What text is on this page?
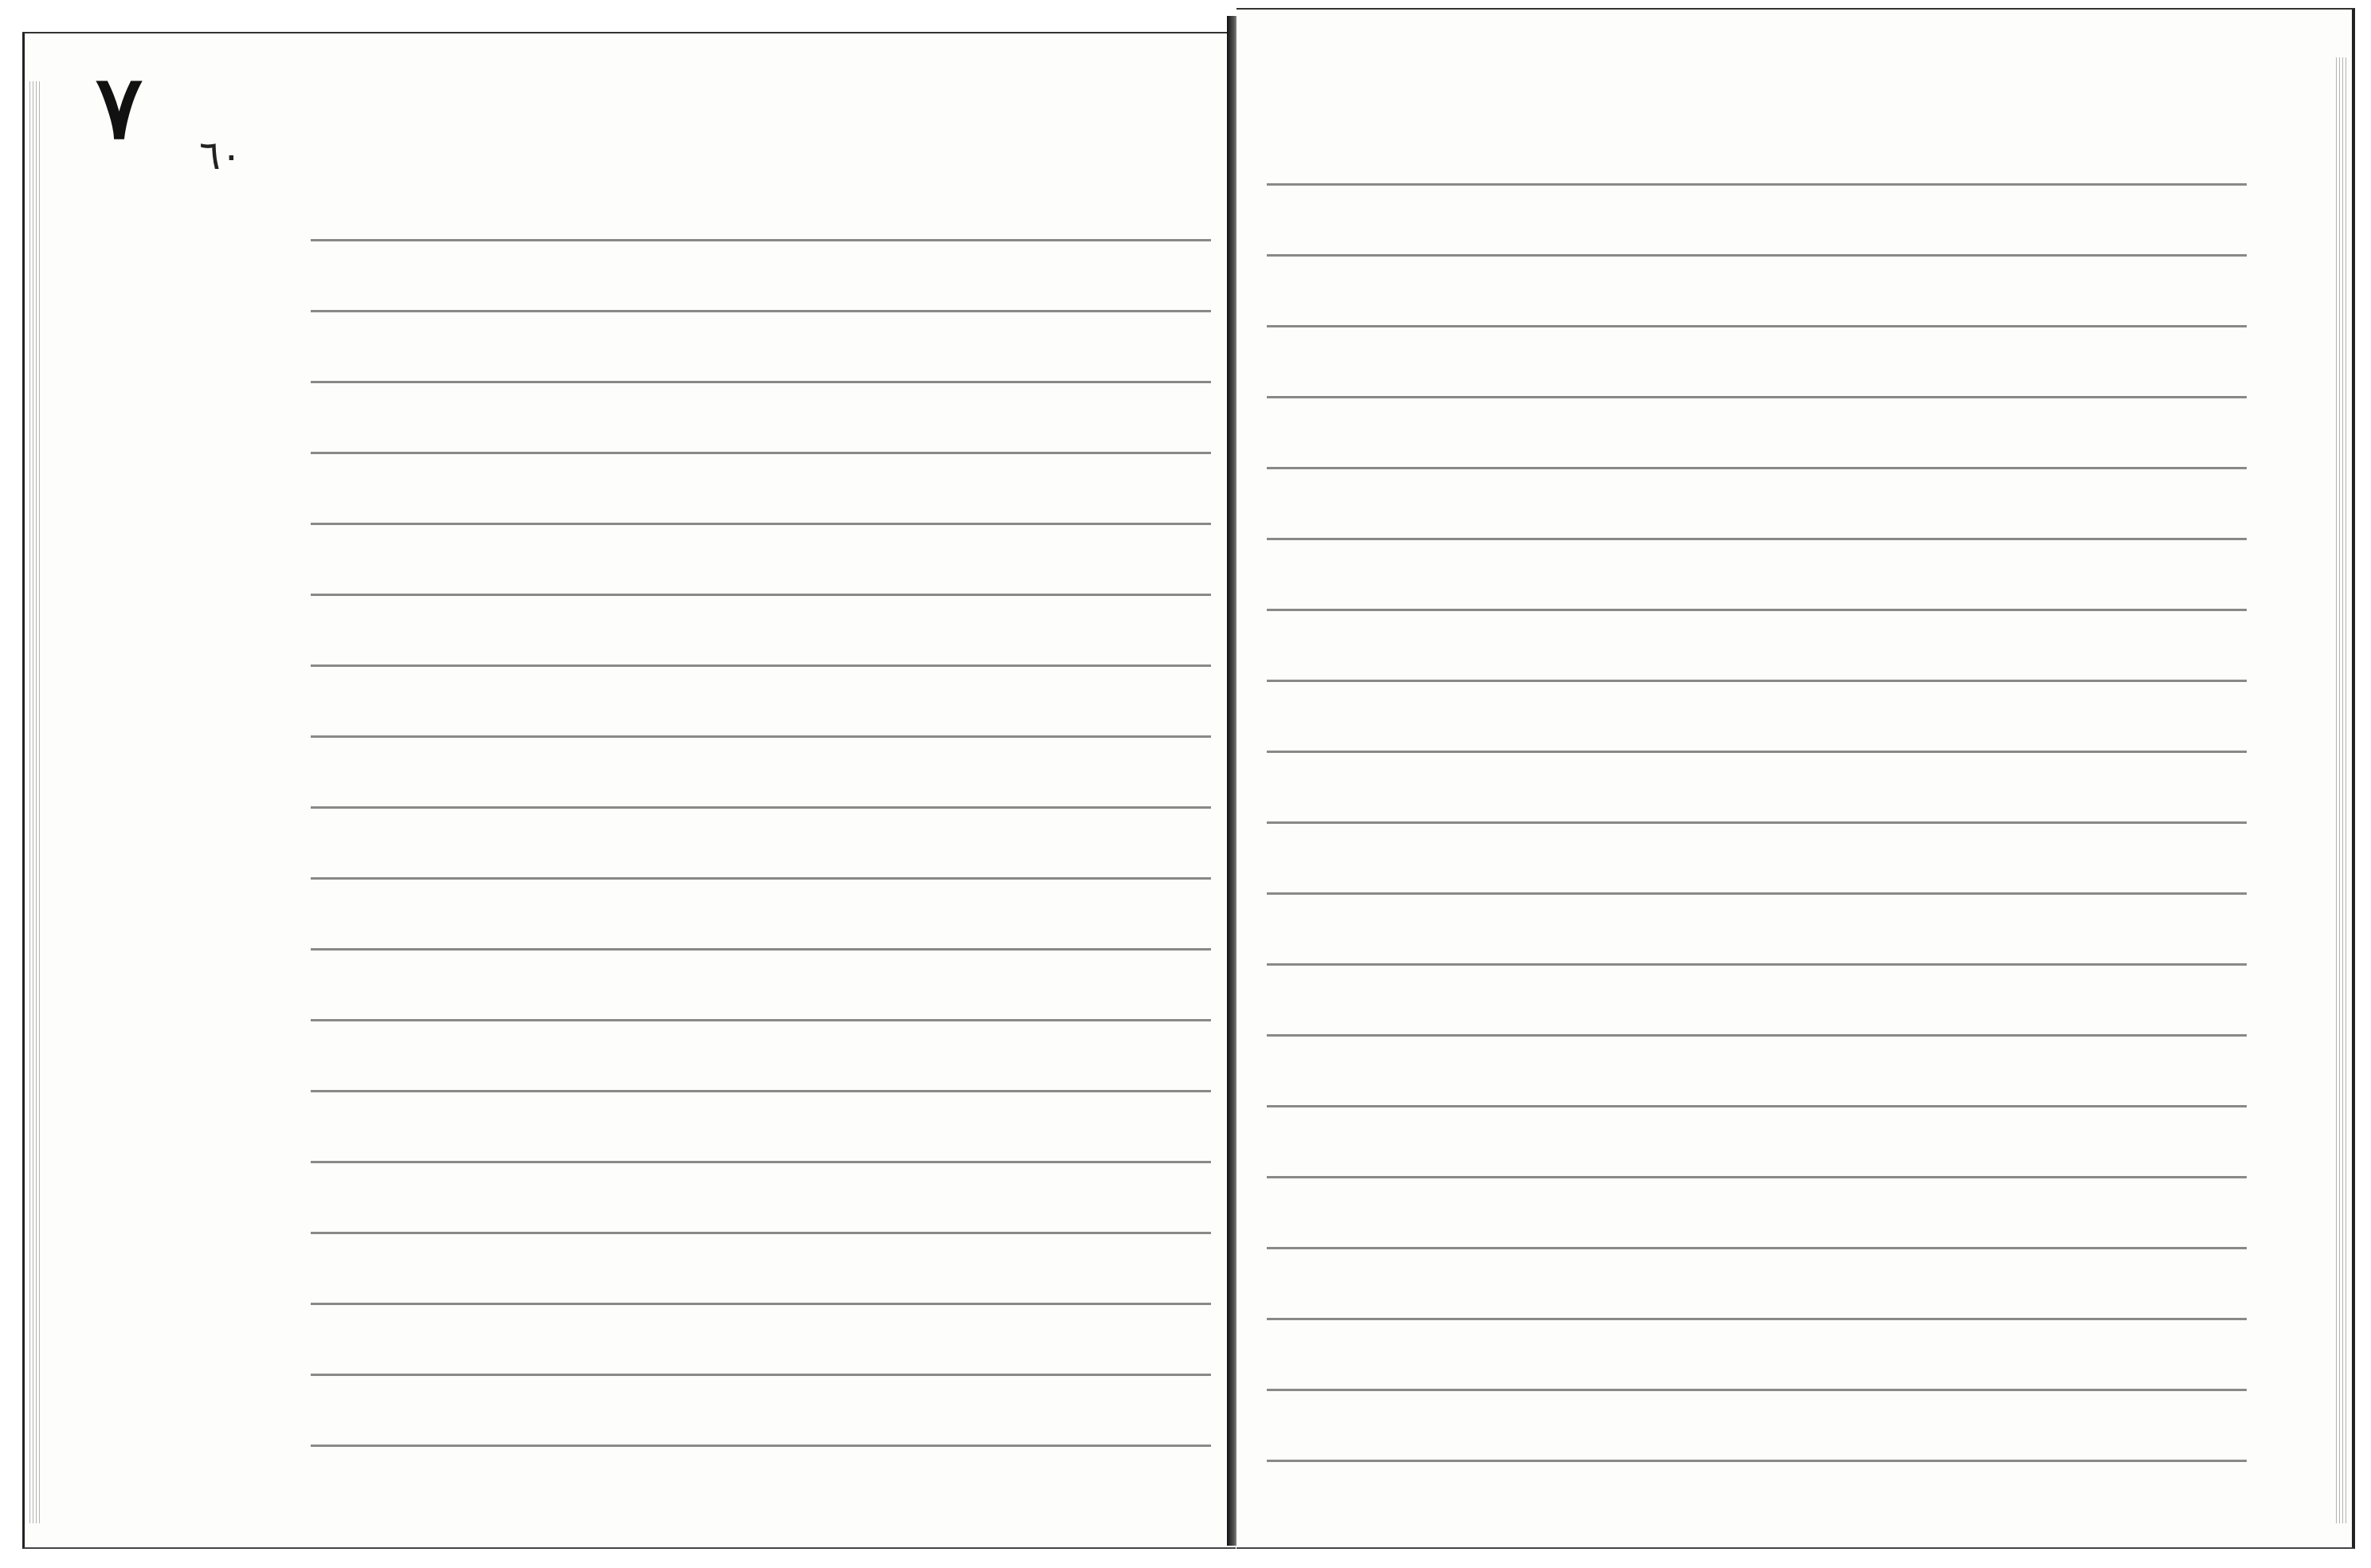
٧ ٦٠
